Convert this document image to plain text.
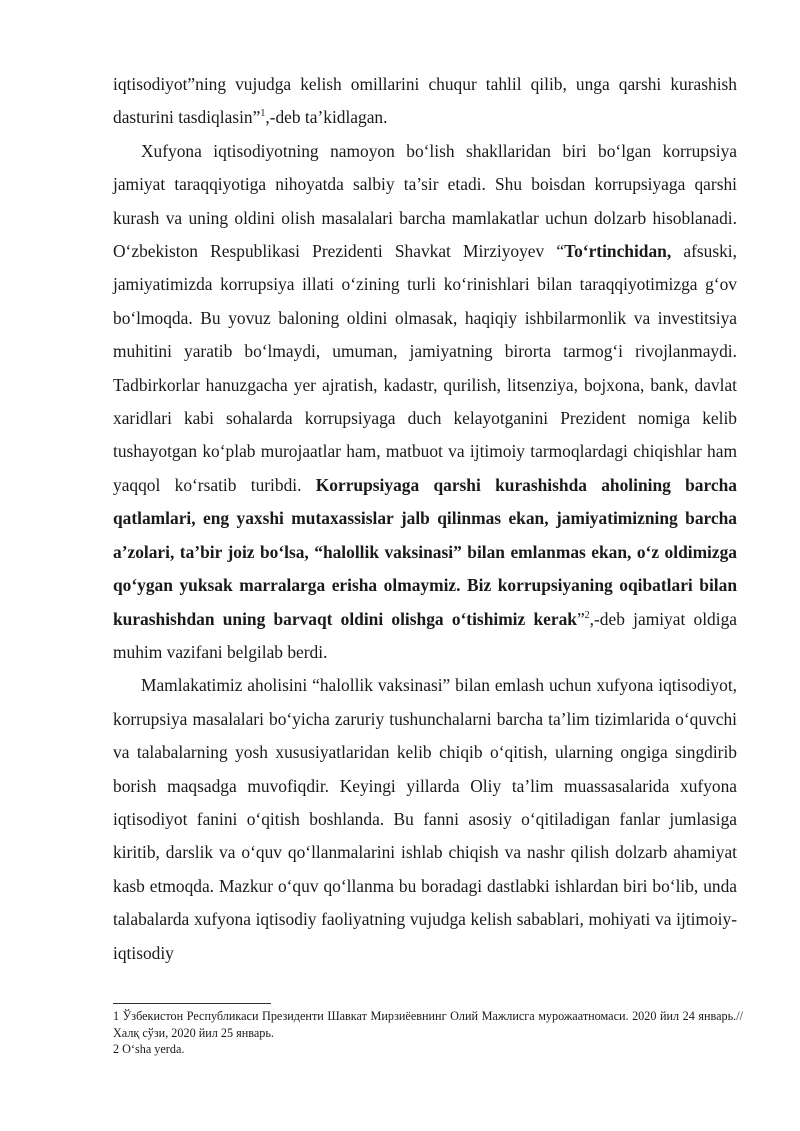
iqtisodiyot”ning vujudga kelish omillarini chuqur tahlil qilib, unga qarshi kurashish dasturini tasdiqlasin”$^1$,-deb ta’kidlagan.

Xufyona iqtisodiyotning namoyon bo‘lish shakllaridan biri bo‘lgan korrupsiya jamiyat taraqqiyotiga nihoyatda salbiy ta’sir etadi. Shu boisdan korrupsiyaga qarshi kurash va uning oldini olish masalalari barcha mamlakatlar uchun dolzarb hisoblanadi. O‘zbekiston Respublikasi Prezidenti Shavkat Mirziyoyev “To‘rtinchidan, afsuski, jamiyatimizda korrupsiya illati o‘zining turli ko‘rinishlari bilan taraqqiyotimizga g‘ov bo‘lmoqda. Bu yovuz baloning oldini olmasak, haqiqiy ishbilarmonlik va investitsiya muhitini yaratib bo‘lmaydi, umuman, jamiyatning birorta tarmog‘i rivojlanmaydi. Tadbirkorlar hanuzgacha yer ajratish, kadastr, qurilish, litsenziya, bojxona, bank, davlat xaridlari kabi sohalarda korrupsiyaga duch kelayotganini Prezident nomiga kelib tushayotgan ko‘plab murojaatlar ham, matbuot va ijtimoiy tarmoqlardagi chiqishlar ham yaqqol ko‘rsatib turibdi. Korrupsiyaga qarshi kurashishda aholining barcha qatlamlari, eng yaxshi mutaxassislar jalb qilinmas ekan, jamiyatimizning barcha a’zolari, ta’bir joiz bo‘lsa, “halollik vaksinasi” bilan emlanmas ekan, o‘z oldimizga qo‘ygan yuksak marralarga erisha olmaymiz. Biz korrupsiyaning oqibatlari bilan kurashishdan uning barvaqt oldini olishga o‘tishimiz kerak”$^2$,-deb jamiyat oldiga muhim vazifani belgilab berdi.

Mamlakatimiz aholisini “halollik vaksinasi” bilan emlash uchun xufyona iqtisodiyot, korrupsiya masalalari bo‘yicha zaruriy tushunchalarni barcha ta’lim tizimlarida o‘quvchi va talabalarning yosh xususiyatlaridan kelib chiqib o‘qitish, ularning ongiga singdirib borish maqsadga muvofiqdir. Keyingi yillarda Oliy ta’lim muassasalarida xufyona iqtisodiyot fanini o‘qitish boshlanda. Bu fanni asosiy o‘qitiladigan fanlar jumlasiga kiritib, darslik va o‘quv qo‘llanmalarini ishlab chiqish va nashr qilish dolzarb ahamiyat kasb etmoqda. Mazkur o‘quv qo‘llanma bu boradagi dastlabki ishlardan biri bo‘lib, unda talabalarda xufyona iqtisodiy faoliyatning vujudga kelish sabablari, mohiyati va ijtimoiy-iqtisodiy

1 Ўзбекистон Республикаси Президенти Шавкат Мирзиёевнинг Олий Мажлисга мурожаатномаси. 2020 йил 24 январь.//Халқ сўзи, 2020 йил 25 январь.

2 O‘sha yerda.
